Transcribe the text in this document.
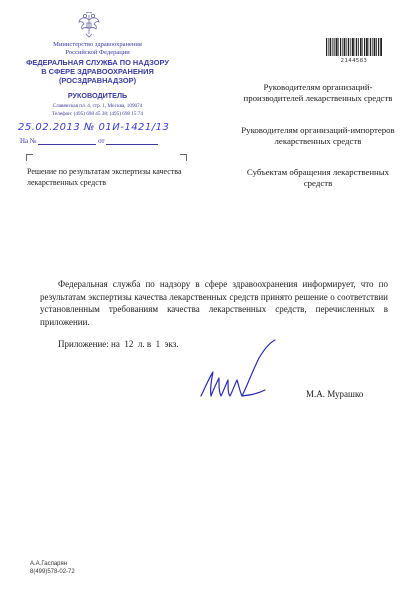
Министерство здравоохранения
Российской Федерации
ФЕДЕРАЛЬНАЯ СЛУЖБА ПО НАДЗОРУ
В СФЕРЕ ЗДРАВООХРАНЕНИЯ
(РОСЗДРАВНАДЗОР)
РУКОВОДИТЕЛЬ
Славянская пл. 4, стр. 1, Москва, 109074
Телефон: (495) 698 45 38; (495) 698 15 74
25.02.2013 № 01И-1421/13
На №	от
Решение по результатам экспертизы качества лекарственных средств
2144583
Руководителям организаций-производителей лекарственных средств
Руководителям организаций-импортеров лекарственных средств
Субъектам обращения лекарственных средств
Федеральная служба по надзору в сфере здравоохранения информирует, что по результатам экспертизы качества лекарственных средств принято решение о соответствии установленным требованиям качества лекарственных средств, перечисленных в приложении.
Приложение: на  12  л. в  1  экз.
М.А. Мурашко
А.А.Гаспарян
8(499)578-02-72
